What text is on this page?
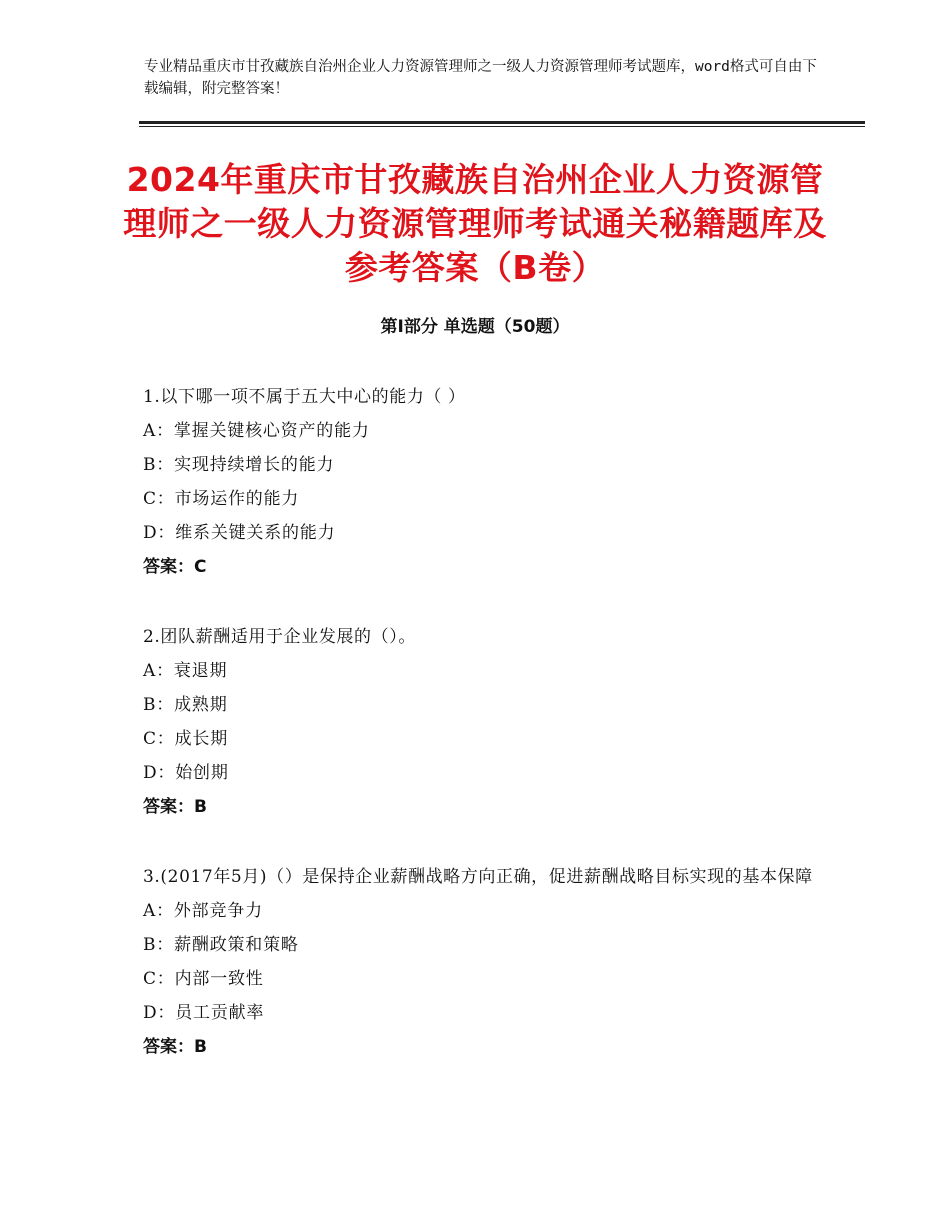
专业精品重庆市甘孜藏族自治州企业人力资源管理师之一级人力资源管理师考试题库，word格式可自由下载编辑，附完整答案！
2024年重庆市甘孜藏族自治州企业人力资源管理师之一级人力资源管理师考试通关秘籍题库及参考答案（B卷）
第Ⅰ部分 单选题（50题）
1.以下哪一项不属于五大中心的能力（ ）
A：掌握关键核心资产的能力
B：实现持续增长的能力
C：市场运作的能力
D：维系关键关系的能力
答案：C
2.团队薪酬适用于企业发展的（）。
A：衰退期
B：成熟期
C：成长期
D：始创期
答案：B
3.(2017年5月)（）是保持企业薪酬战略方向正确，促进薪酬战略目标实现的基本保障
A：外部竞争力
B：薪酬政策和策略
C：内部一致性
D：员工贡献率
答案：B
